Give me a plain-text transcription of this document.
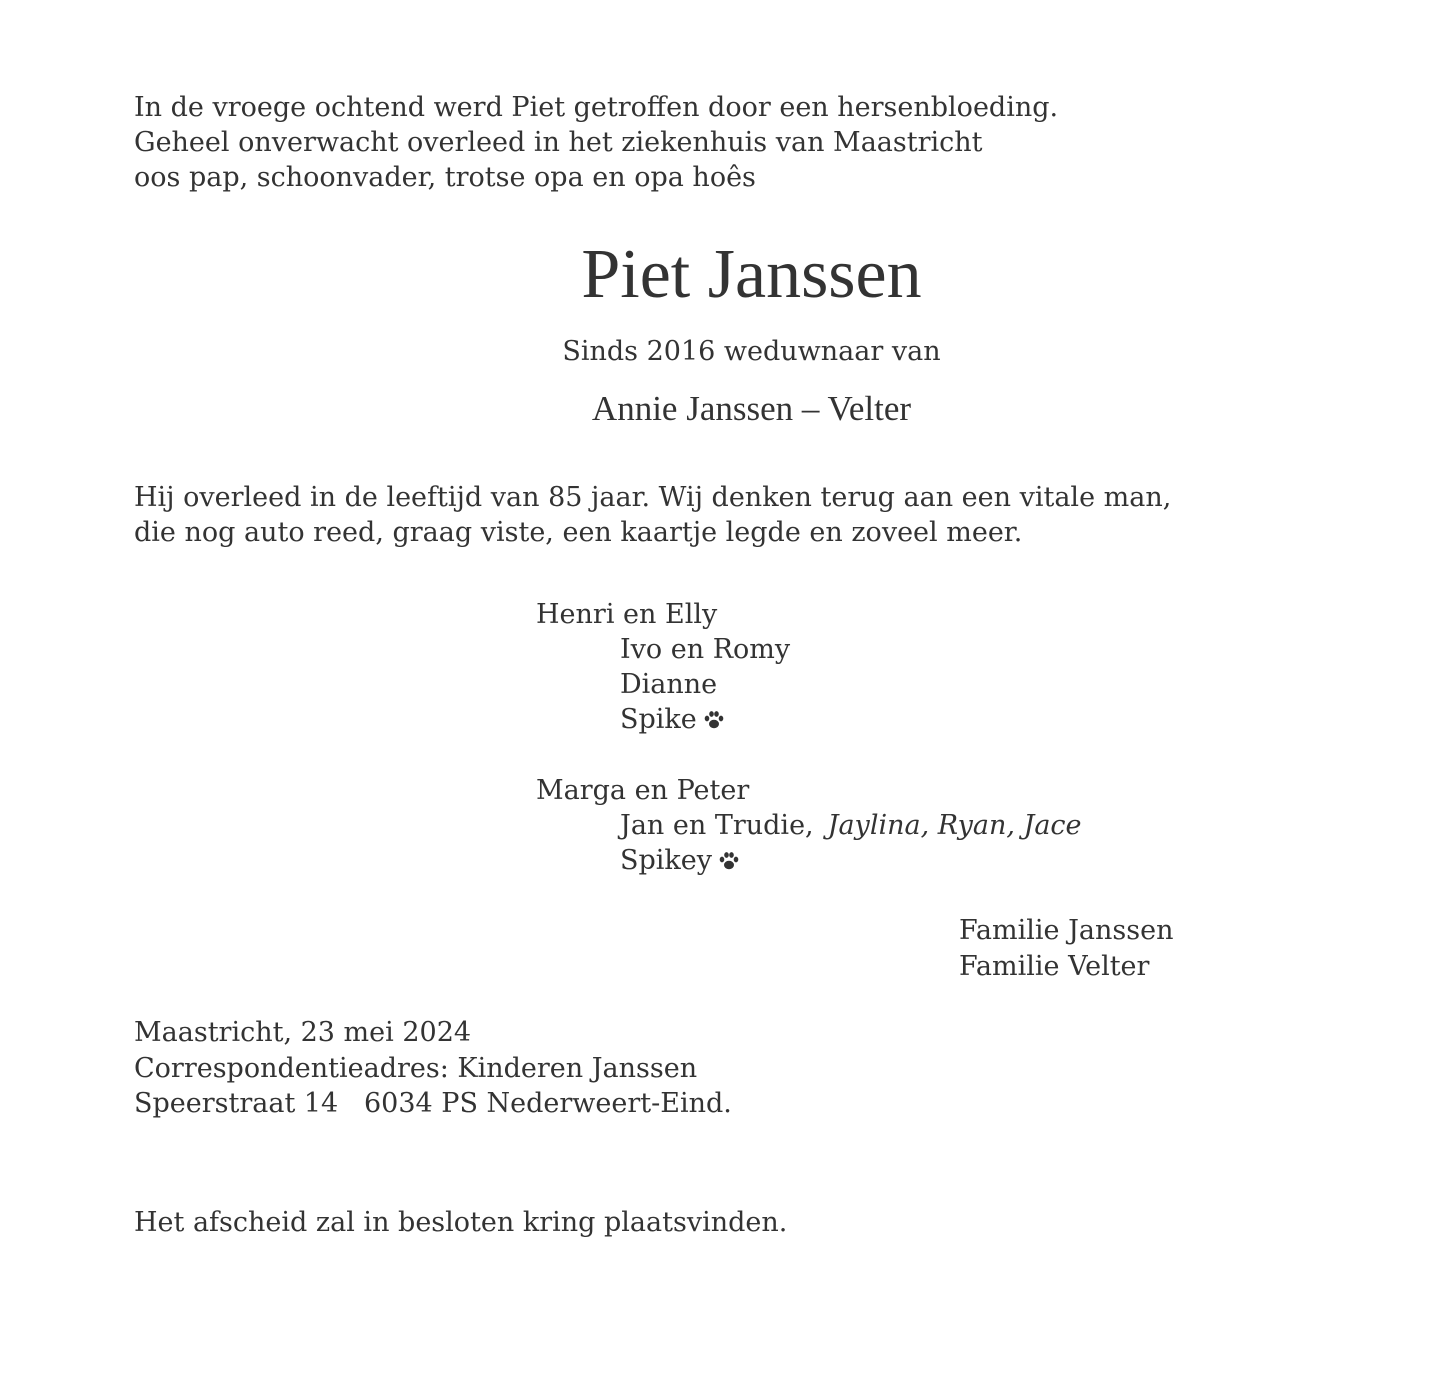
In de vroege ochtend werd Piet getroffen door een hersenbloeding.
Geheel onverwacht overleed in het ziekenhuis van Maastricht
oos pap, schoonvader, trotse opa en opa hoês
Piet Janssen
Sinds 2016 weduwnaar van
Annie Janssen – Velter
Hij overleed in de leeftijd van 85 jaar. Wij denken terug aan een vitale man,
die nog auto reed, graag viste, een kaartje legde en zoveel meer.
Henri en Elly
Ivo en Romy
Dianne
Spike
Marga en Peter
Jan en Trudie, Jaylina, Ryan, Jace
Spikey
Familie Janssen
Familie Velter
Maastricht, 23 mei 2024
Correspondentieadres: Kinderen Janssen
Speerstraat 14   6034 PS Nederweert-Eind.
Het afscheid zal in besloten kring plaatsvinden.
